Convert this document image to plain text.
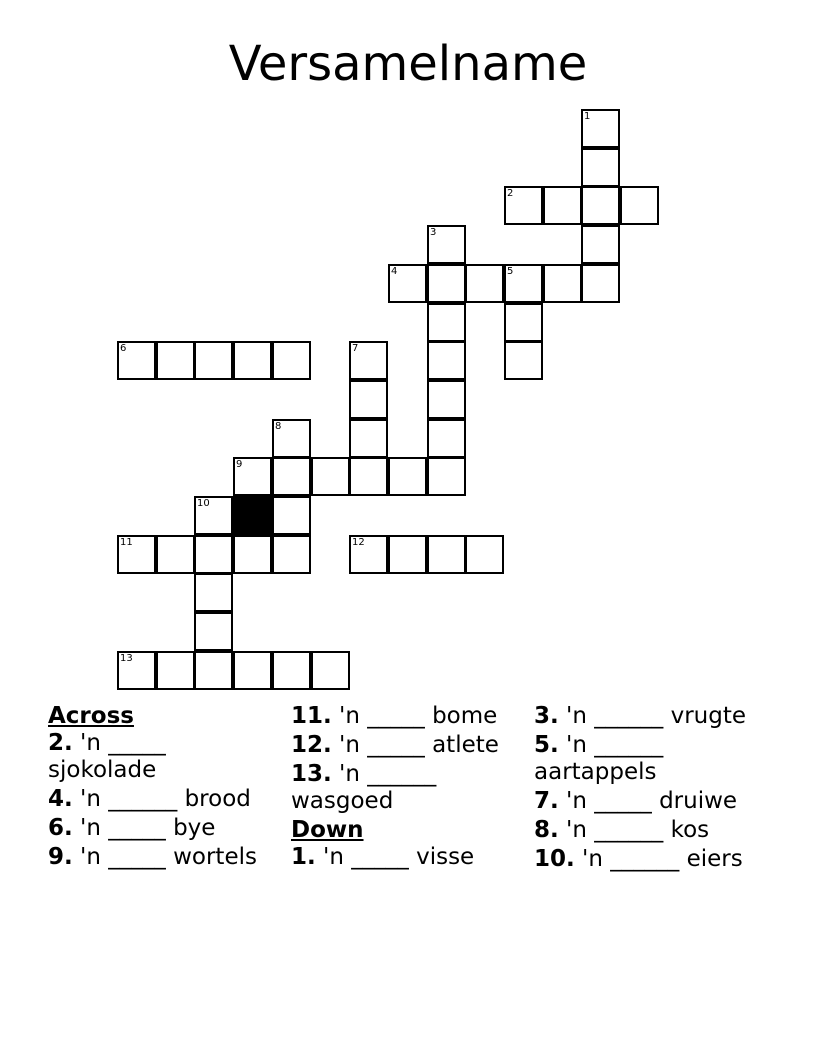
Versamelname
1
2
3
4	5
6	7
8
9
10
11	12
13
Across
2. 'n _____ sjokolade
4. 'n ______ brood
6. 'n _____ bye
9. 'n _____ wortels
11. 'n _____ bome
12. 'n _____ atlete
13. 'n ______ wasgoed
Down
1. 'n _____ visse
3. 'n ______ vrugte
5. 'n ______ aartappels
7. 'n _____ druiwe
8. 'n ______ kos
10. 'n ______ eiers
